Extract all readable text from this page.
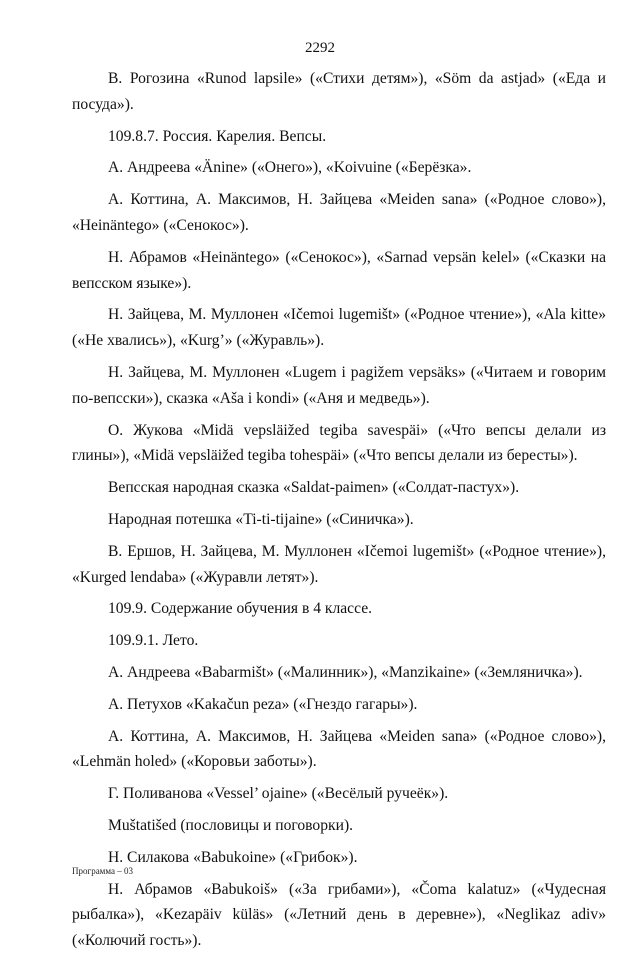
2292

В. Рогозина «Runod lapsile» («Стихи детям»), «Söm da astjad» («Еда и посуда»).

109.8.7. Россия. Карелия. Вепсы.

А. Андреева «Änine» («Онего»), «Koivuine («Берёзка».

А. Коттина, А. Максимов, Н. Зайцева «Meiden sana» («Родное слово»), «Heinäntego» («Сенокос»).

Н. Абрамов «Heinäntego» («Сенокос»), «Sarnad vepsän kelel» («Сказки на вепсском языке»).

Н. Зайцева, М. Муллонен «Ičemoi lugemišt» («Родное чтение»), «Ala kitte» («Не хвались»), «Kurg’» («Журавль»).

Н. Зайцева, М. Муллонен «Lugem i pagižem vepsäks» («Читаем и говорим по-вепсски»), сказка «Aša i kondi» («Аня и медведь»).

О. Жукова «Midä vepsläižed tegiba savespäi» («Что вепсы делали из глины»), «Midä vepsläižed tegiba tohespäi» («Что вепсы делали из бересты»).

Вепсская народная сказка «Saldat-paimen» («Солдат-пастух»).

Народная потешка «Ti-ti-tijaine» («Синичка»).

В. Ершов, Н. Зайцева, М. Муллонен «Ičemoi lugemišt» («Родное чтение»), «Kurged lendaba» («Журавли летят»).

109.9. Содержание обучения в 4 классе.

109.9.1. Лето.

А. Андреева «Babarmišt» («Малинник»), «Manzikaine» («Земляничка»).

А. Петухов «Kakačun peza» («Гнездо гагары»).

А. Коттина, А. Максимов, Н. Зайцева «Meiden sana» («Родное слово»), «Lehmän holed» («Коровьи заботы»).

Г. Поливанова «Vessel’ ojaine» («Весёлый ручеёк»).

Muštatišed (пословицы и поговорки).

Н. Силакова «Babukoine» («Грибок»).

Н. Абрамов «Babukoiš» («За грибами»), «Čoma kalatuz» («Чудесная рыбалка»), «Kezapäiv küläs» («Летний день в деревне»), «Neglikaz adiv» («Колючий гость»).

Программа – 03
